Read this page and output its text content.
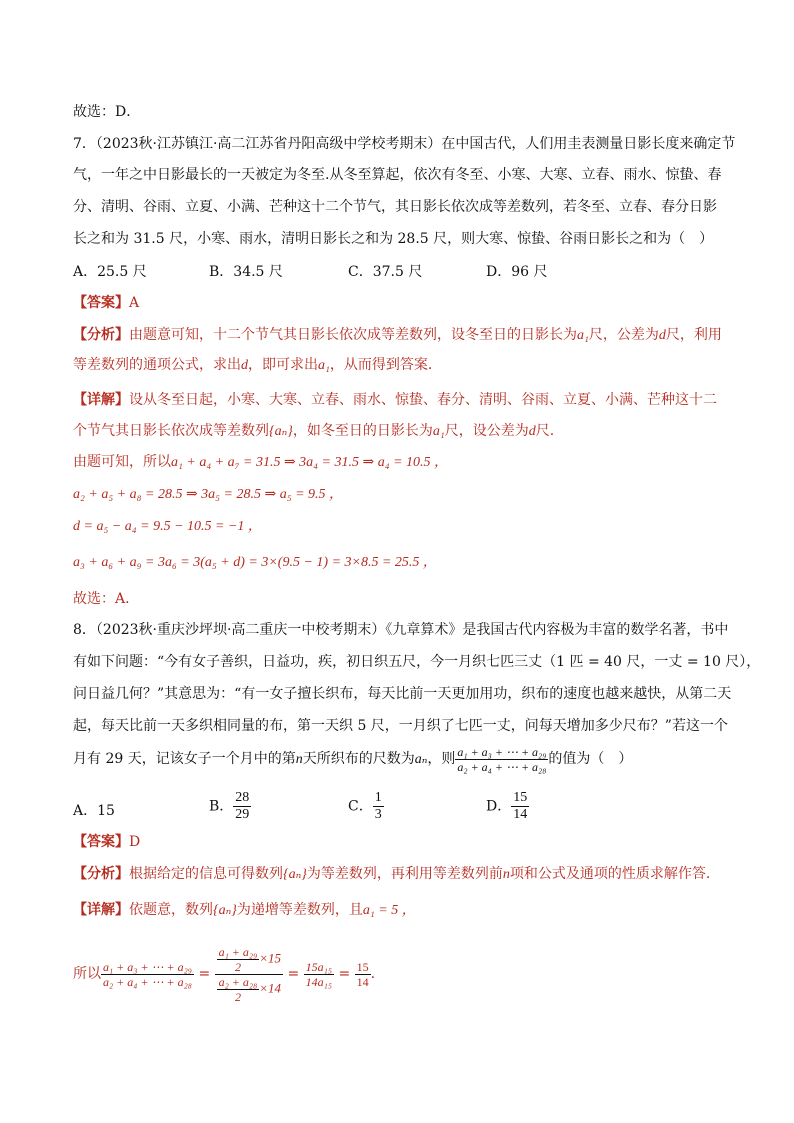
故选：D．
7．（2023秋·江苏镇江·高二江苏省丹阳高级中学校考期末）在中国古代，人们用圭表测量日影长度来确定节
气，一年之中日影最长的一天被定为冬至.从冬至算起，依次有冬至、小寒、大寒、立春、雨水、惊蛰、春
分、清明、谷雨、立夏、小满、芒种这十二个节气，其日影长依次成等差数列，若冬至、立春、春分日影
长之和为 31.5 尺，小寒、雨水，清明日影长之和为 28.5 尺，则大寒、惊蛰、谷雨日影长之和为（　）
A．25.5 尺	B．34.5 尺	C．37.5 尺	D．96 尺
【答案】A
【分析】由题意可知，十二个节气其日影长依次成等差数列，设冬至日的日影长为a₁尺，公差为d尺，利用
等差数列的通项公式，求出d，即可求出a₁，从而得到答案．
【详解】设从冬至日起，小寒、大寒、立春、雨水、惊蛰、春分、清明、谷雨、立夏、小满、芒种这十二
个节气其日影长依次成等差数列{aₙ}，如冬至日的日影长为a₁尺，设公差为d尺.
由题可知，所以a₁ + a₄ + a₇ = 31.5 ⇒ 3a₄ = 31.5 ⇒ a₄ = 10.5 ，
a₂ + a₅ + a₈ = 28.5 ⇒ 3a₅ = 28.5 ⇒ a₅ = 9.5 ，
d = a₅ − a₄ = 9.5 − 10.5 = −1 ，
a₃ + a₆ + a₉ = 3a₆ = 3(a₅ + d) = 3×(9.5 − 1) = 3×8.5 = 25.5 ，
故选：A．
8．（2023秋·重庆沙坪坝·高二重庆一中校考期末）《九章算术》是我国古代内容极为丰富的数学名著，书中
有如下问题：“今有女子善织，日益功，疾，初日织五尺，今一月织七匹三丈（1 匹 = 40 尺，一丈 = 10 尺），
问日益几何？”其意思为：“有一女子擅长织布，每天比前一天更加用功，织布的速度也越来越快，从第二天
起，每天比前一天多织相同量的布，第一天织 5 尺，一月织了七匹一丈，问每天增加多少尺布？”若这一个
月有 29 天，记该女子一个月中的第n天所织布的尺数为aₙ，则 $\frac{\text{a₁ + a₃ + ⋯ + a₂₉}}{\text{a₂ + a₄ + ⋯ + a₂₈}}$ 的值为（　）
A．15	B． $\frac{28}{29}$	C． $\frac{1}{3}$	D． $\frac{15}{14}$
【答案】D
【分析】根据给定的信息可得数列{aₙ}为等差数列，再利用等差数列前n项和公式及通项的性质求解作答.
【详解】依题意，数列{aₙ}为递增等差数列，且a₁ = 5 ，
所以 $\frac{\text{a₁ + a₃ + ⋯ + a₂₉}}{\text{a₂ + a₄ + ⋯ + a₂₈}} = \frac{\frac{\text{a₁ + a₂₉}}{2} \times 15}{\frac{\text{a₂ + a₂₈}}{2} \times 14} = \frac{\text{15a₁₅}}{\text{14a₁₅}} = \frac{15}{14}$ .
